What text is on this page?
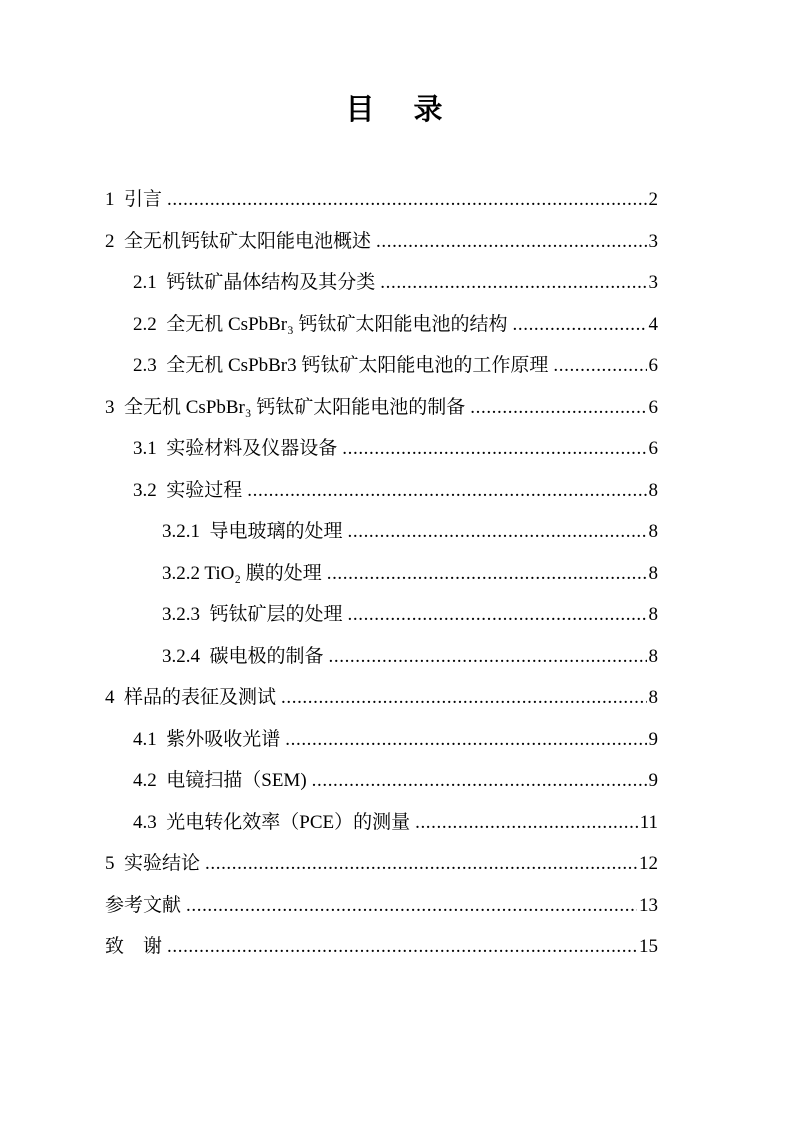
目　录
1  引言 .....	2
2  全无机钙钛矿太阳能电池概述 .....	3
2.1  钙钛矿晶体结构及其分类 .....	3
2.2  全无机 CsPbBr₃ 钙钛矿太阳能电池的结构 .....	4
2.3  全无机 CsPbBr3 钙钛矿太阳能电池的工作原理 .....	6
3  全无机 CsPbBr₃ 钙钛矿太阳能电池的制备 .....	6
3.1  实验材料及仪器设备 .....	6
3.2  实验过程 .....	8
3.2.1  导电玻璃的处理 .....	8
3.2.2 TiO₂ 膜的处理 .....	8
3.2.3  钙钛矿层的处理 .....	8
3.2.4  碳电极的制备 .....	8
4  样品的表征及测试 .....	8
4.1  紫外吸收光谱 .....	9
4.2  电镜扫描（SEM) .....	9
4.3  光电转化效率（PCE）的测量 .....	11
5  实验结论 .....	12
参考文献 .....	13
致　谢 .....	15
